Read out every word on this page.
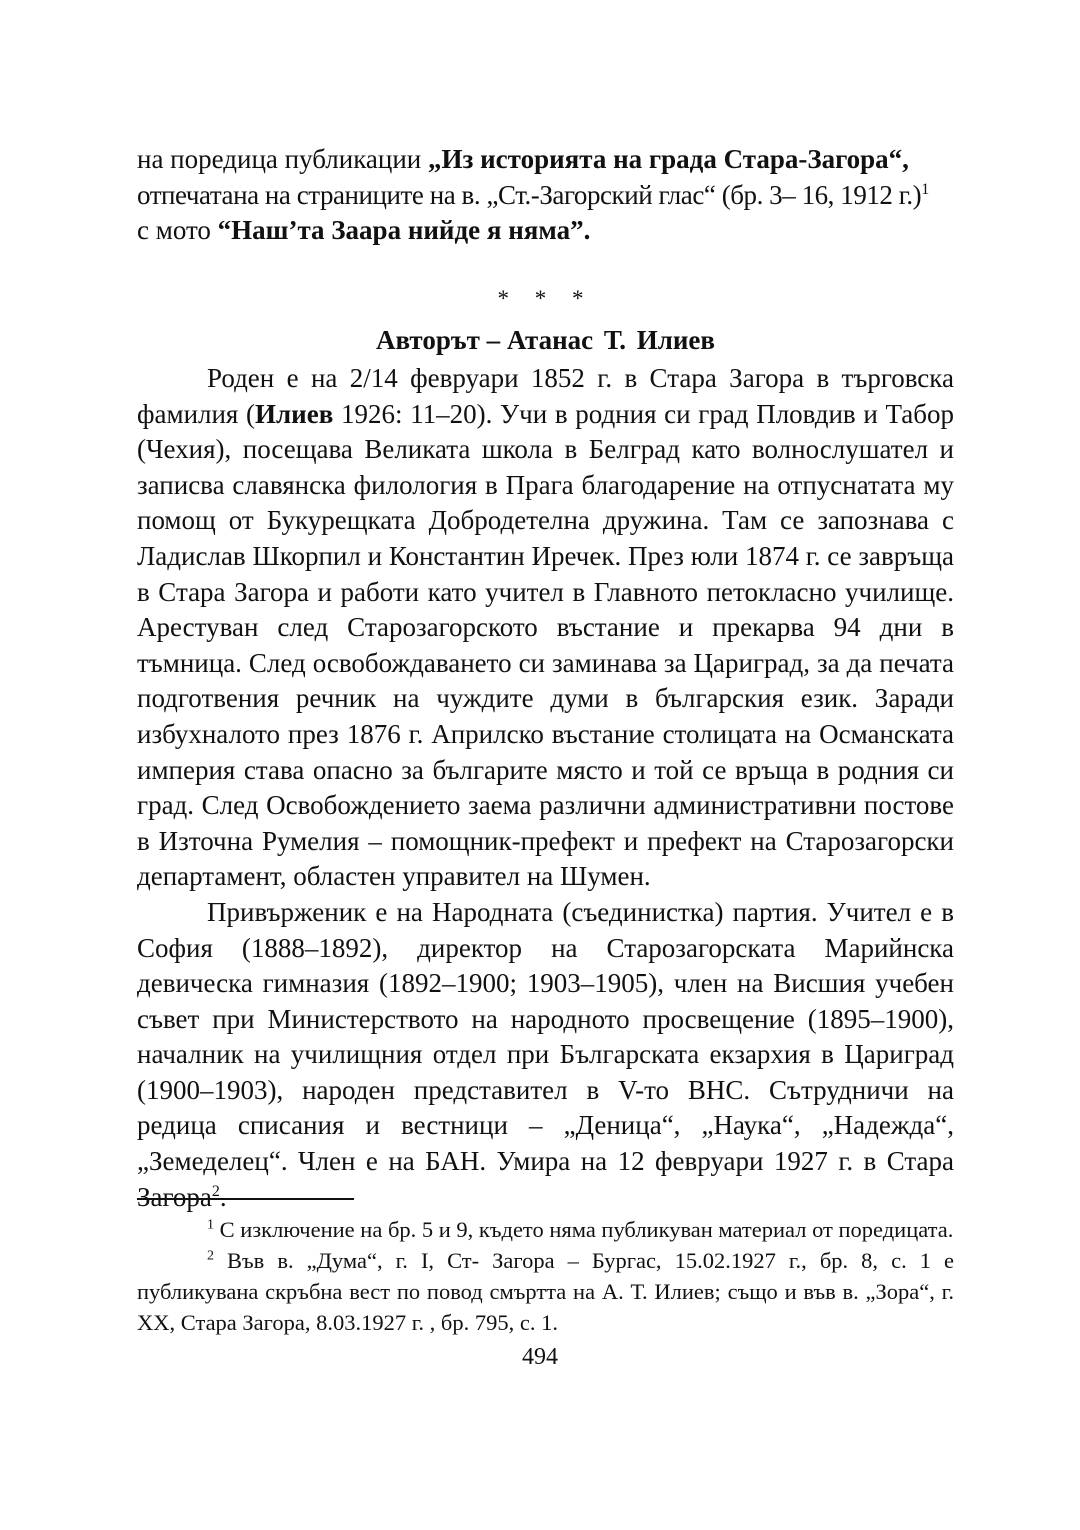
на поредица публикации „Из историята на града Стара-Загора“,

отпечатана на страниците на в. „Ст.-Загорский глас“ (бр. 3– 16, 1912 г.)$^1$

с мото “Наш’та Заара нийде я няма”.

* * *
Авторът – Атанас Т. Илиев

Роден е на 2/14 февруари 1852 г. в Стара Загора в търговска фамилия (Илиев 1926: 11–20). Учи в родния си град Пловдив и Табор (Чехия), посещава Великата школа в Белград като волнослушател и записва славянска филология в Прага благодарение на отпуснатата му помощ от Букурещката Добродетелна дружина. Там се запознава с Ладислав Шкорпил и Константин Иречек. През юли 1874 г. се завръща в Стара Загора и работи като учител в Главното петокласно училище. Арестуван след Старозагорското въстание и прекарва 94 дни в тъмница. След освобождаването си заминава за Цариград, за да печата подготвения речник на чуждите думи в българския език. Заради избухналото през 1876 г. Априлско въстание столицата на Османската империя става опасно за българите място и той се връща в родния си град. След Освобождението заема различни административни постове в Източна Румелия – помощник-префект и префект на Старозагорски департамент, областен управител на Шумен.

Привърженик е на Народната (съединистка) партия. Учител е в София (1888–1892), директор на Старозагорската Марийнска девическа гимназия (1892–1900; 1903–1905), член на Висшия учебен съвет при Министерството на народното просвещение (1895–1900), началник на училищния отдел при Българската екзархия в Цариград (1900–1903), народен представител в V-то ВНС. Сътрудничи на редица списания и вестници – „Деница“, „Наука“, „Надежда“, „Земеделец“. Член е на БАН. Умира на 12 февруари 1927 г. в Стара Загора$^2$.

$^1$ С изключение на бр. 5 и 9, където няма публикуван материал от поредицата.

$^2$ Във в. „Дума“, г. I, Ст- Загора – Бургас, 15.02.1927 г., бр. 8, с. 1 е публикувана скръбна вест по повод смъртта на А. Т. Илиев; също и във в. „Зора“, г. XX, Стара Загора, 8.03.1927 г. , бр. 795, с. 1.

494
